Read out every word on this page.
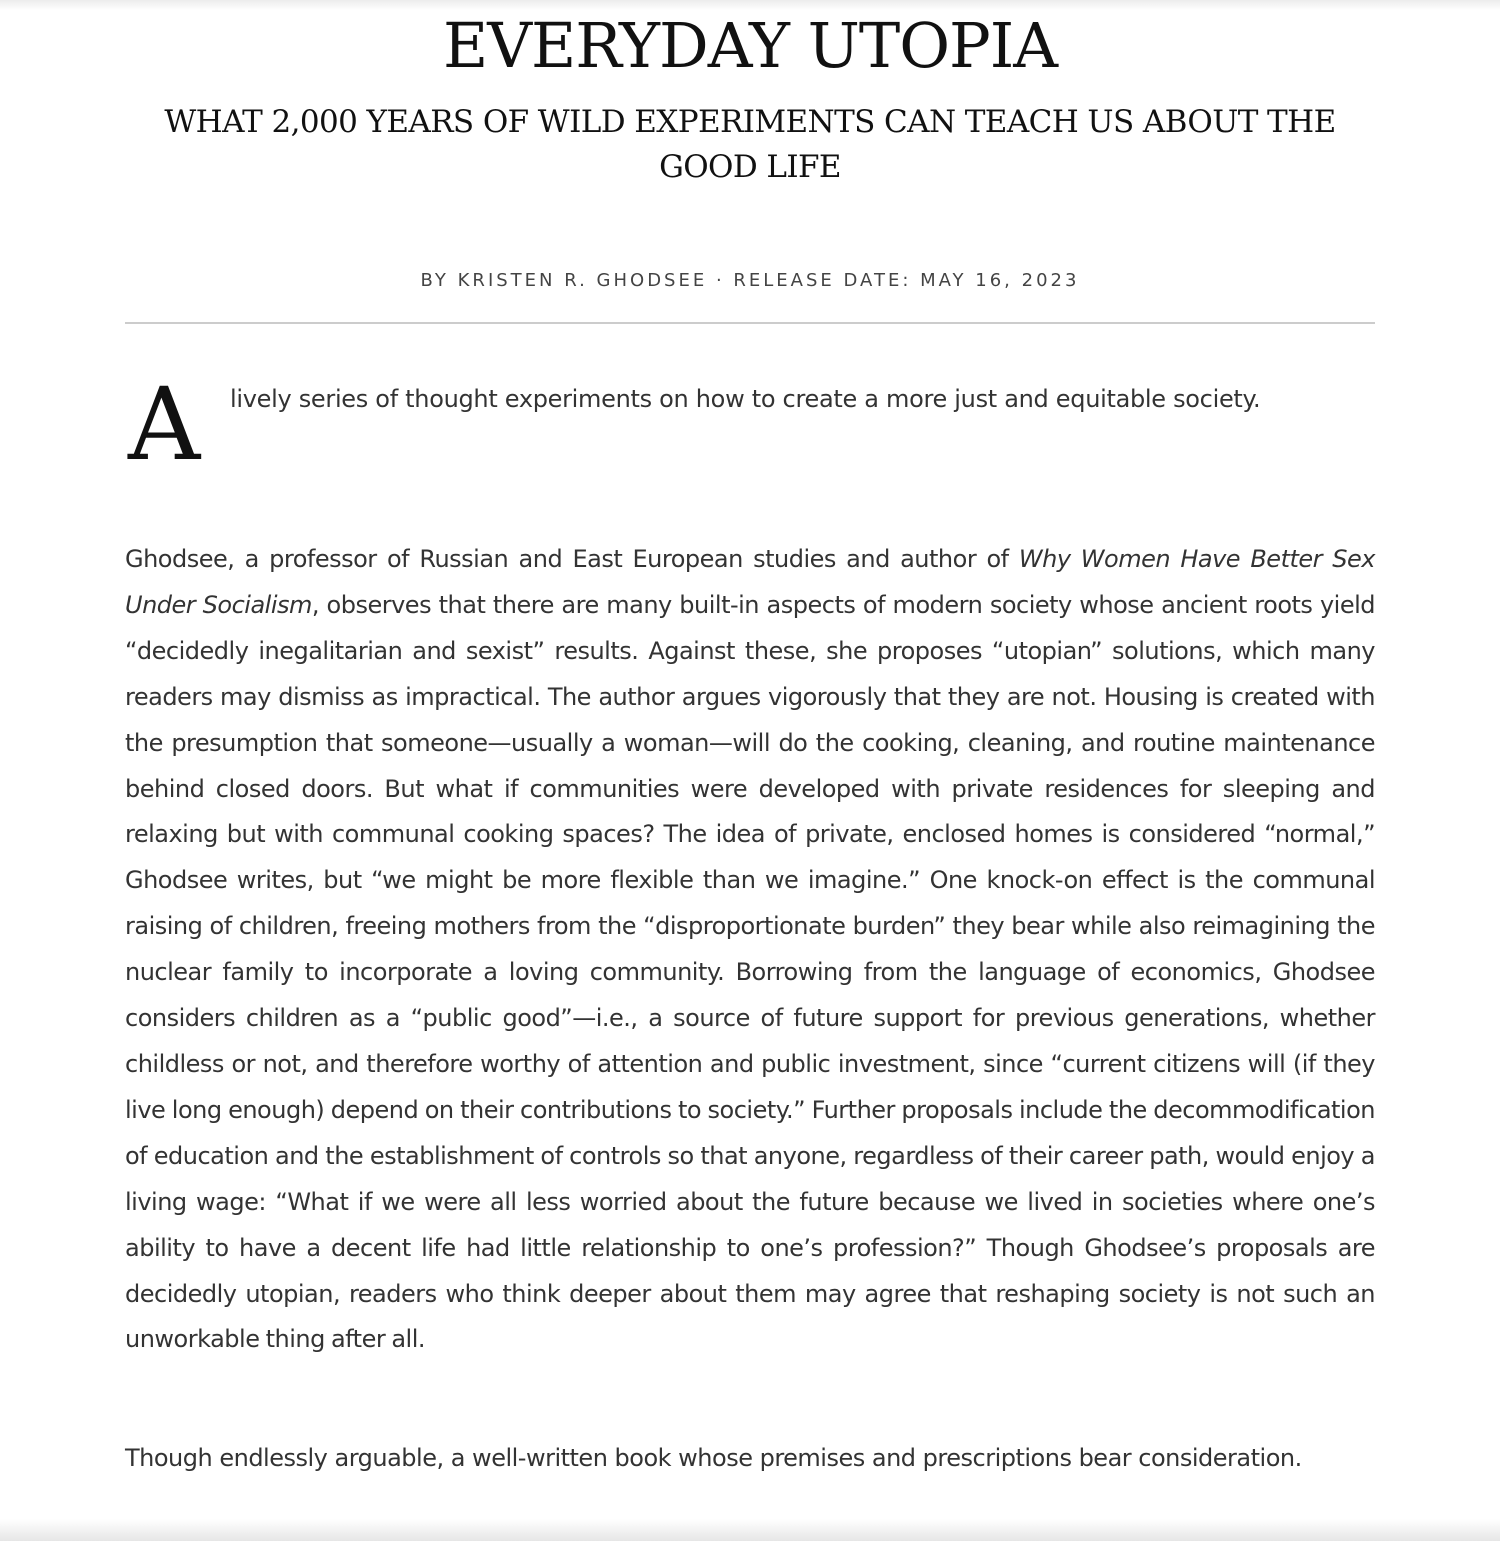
EVERYDAY UTOPIA
WHAT 2,000 YEARS OF WILD EXPERIMENTS CAN TEACH US ABOUT THE GOOD LIFE
BY KRISTEN R. GHODSEE · RELEASE DATE: MAY 16, 2023
A lively series of thought experiments on how to create a more just and equitable society.

Ghodsee, a professor of Russian and East European studies and author of Why Women Have Better Sex Under Socialism, observes that there are many built-in aspects of modern society whose ancient roots yield “decidedly inegalitarian and sexist” results. Against these, she proposes “utopian” solutions, which many readers may dismiss as impractical. The author argues vigorously that they are not. Housing is created with the presumption that someone—usually a woman—will do the cooking, cleaning, and routine maintenance behind closed doors. But what if communities were developed with private residences for sleeping and relaxing but with communal cooking spaces? The idea of private, enclosed homes is considered “normal,” Ghodsee writes, but “we might be more flexible than we imagine.” One knock-on effect is the communal raising of children, freeing mothers from the “disproportionate burden” they bear while also reimagining the nuclear family to incorporate a loving community. Borrowing from the language of economics, Ghodsee considers children as a “public good”—i.e., a source of future support for previous generations, whether childless or not, and therefore worthy of attention and public investment, since “current citizens will (if they live long enough) depend on their contributions to society.” Further proposals include the decommodification of education and the establishment of controls so that anyone, regardless of their career path, would enjoy a living wage: “What if we were all less worried about the future because we lived in societies where one’s ability to have a decent life had little relationship to one’s profession?” Though Ghodsee’s proposals are decidedly utopian, readers who think deeper about them may agree that reshaping society is not such an unworkable thing after all.

Though endlessly arguable, a well-written book whose premises and prescriptions bear consideration.
